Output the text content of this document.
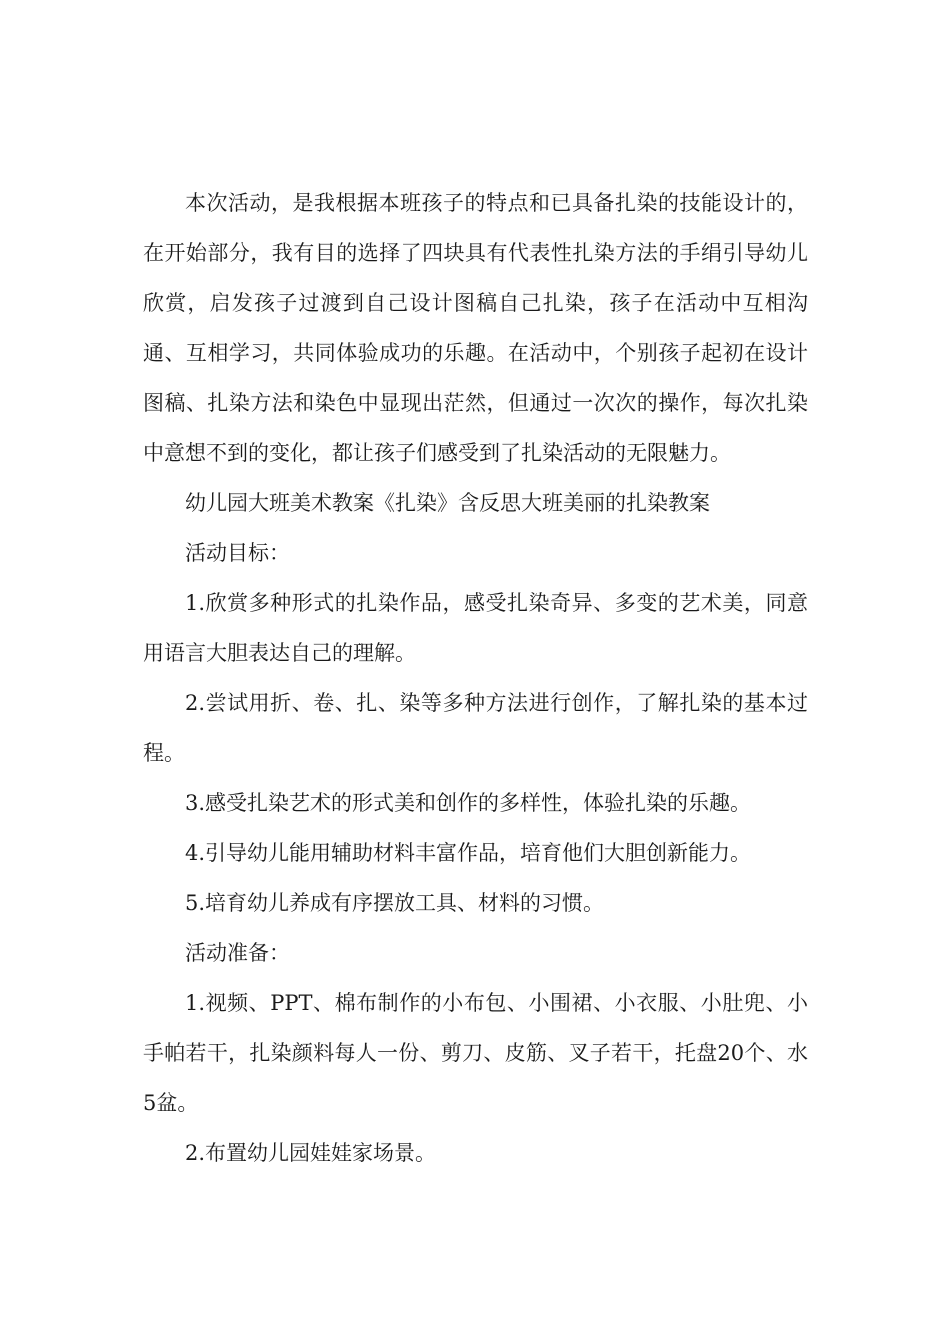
本次活动，是我根据本班孩子的特点和已具备扎染的技能设计的，在开始部分，我有目的选择了四块具有代表性扎染方法的手绢引导幼儿欣赏，启发孩子过渡到自己设计图稿自己扎染，孩子在活动中互相沟通、互相学习，共同体验成功的乐趣。在活动中，个别孩子起初在设计图稿、扎染方法和染色中显现出茫然，但通过一次次的操作，每次扎染中意想不到的变化，都让孩子们感受到了扎染活动的无限魅力。

幼儿园大班美术教案《扎染》含反思大班美丽的扎染教案

活动目标：

1.欣赏多种形式的扎染作品，感受扎染奇异、多变的艺术美，同意用语言大胆表达自己的理解。

2.尝试用折、卷、扎、染等多种方法进行创作，了解扎染的基本过程。

3.感受扎染艺术的形式美和创作的多样性，体验扎染的乐趣。

4.引导幼儿能用辅助材料丰富作品，培育他们大胆创新能力。

5.培育幼儿养成有序摆放工具、材料的习惯。

活动准备：

1.视频、PPT、棉布制作的小布包、小围裙、小衣服、小肚兜、小手帕若干，扎染颜料每人一份、剪刀、皮筋、叉子若干，托盘20个、水5盆。

2.布置幼儿园娃娃家场景。
